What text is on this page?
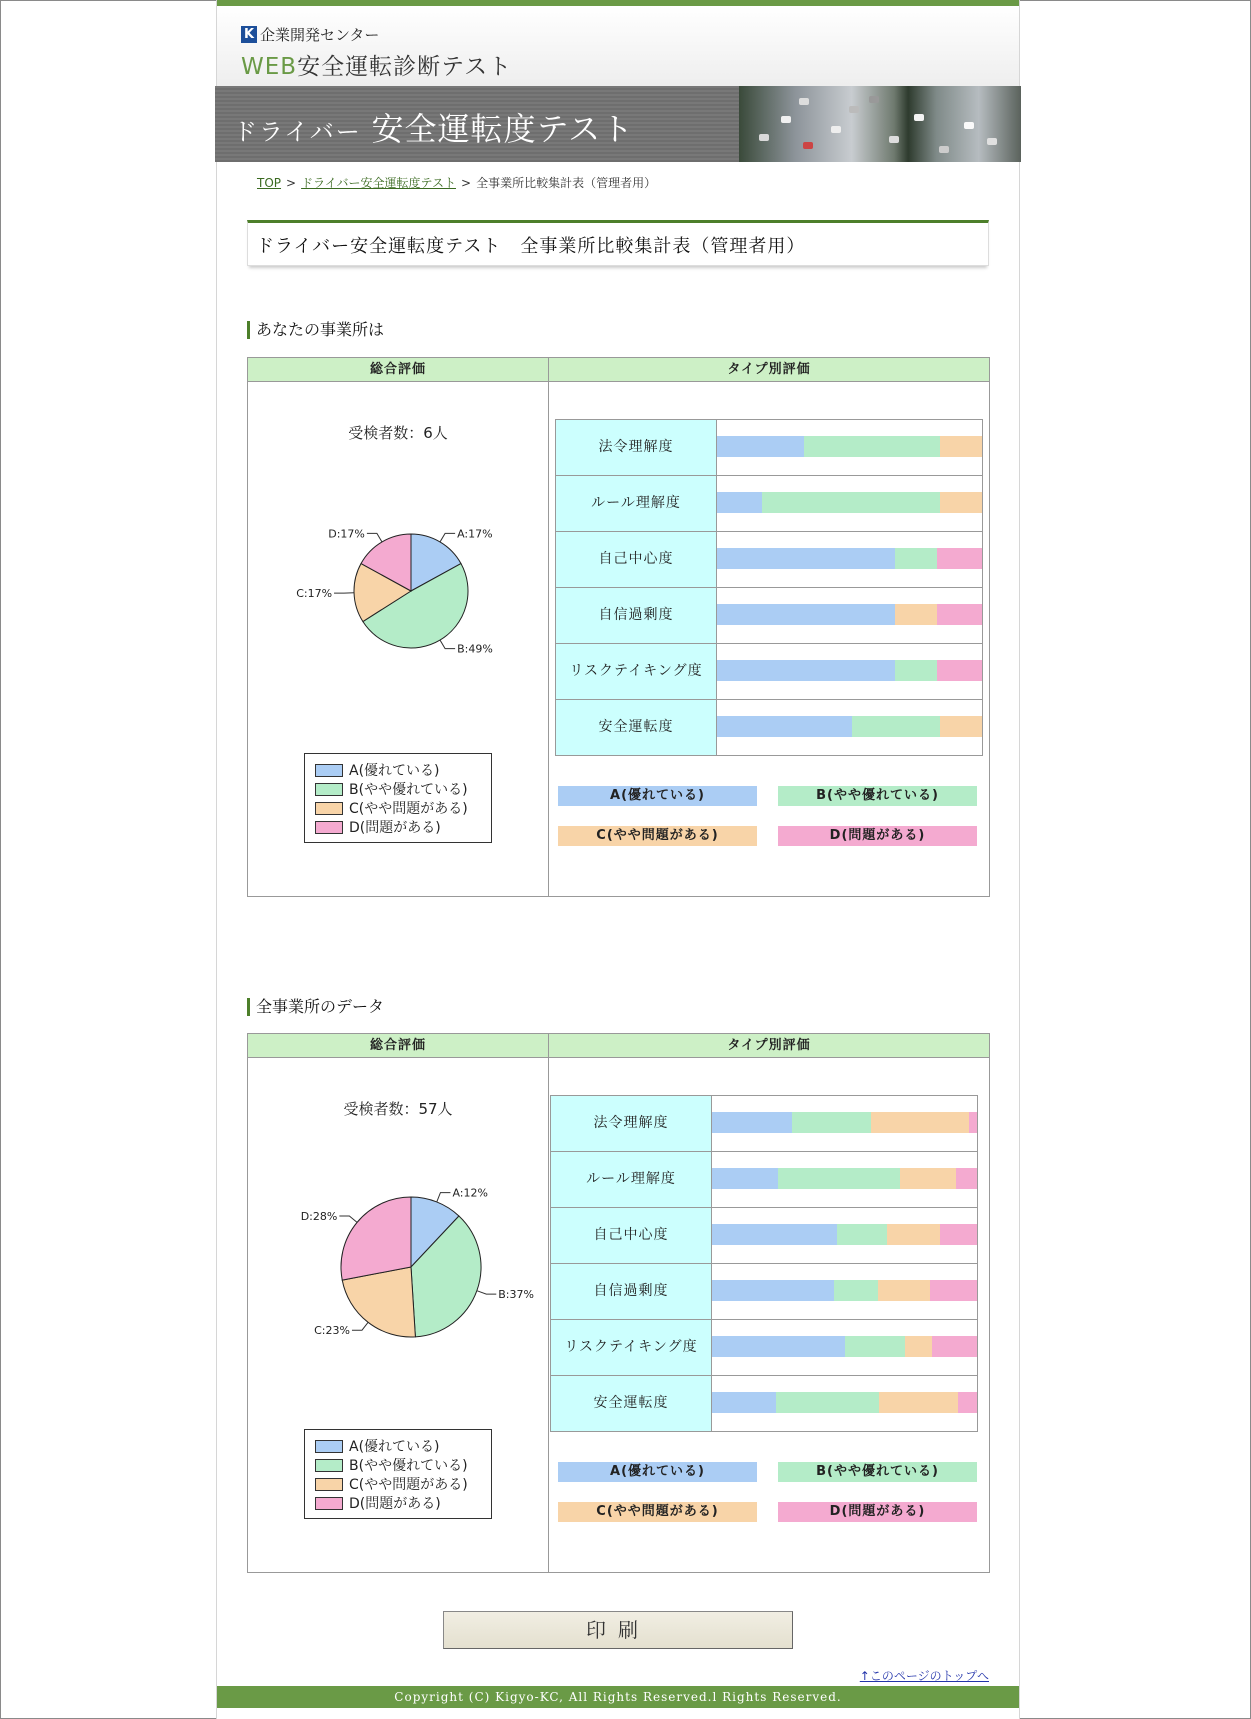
K 企業開発センター
WEB安全運転診断テスト
ドライバー 安全運転度テスト
TOP > ドライバー安全運転度テスト > 全事業所比較集計表（管理者用）
ドライバー安全運転度テスト　全事業所比較集計表（管理者用）
あなたの事業所は
総合評価	タイプ別評価
受検者数：6人
A:17%
B:49%
C:17%
D:17%
A(優れている)
B(やや優れている)
C(やや問題がある)
D(問題がある)
法令理解度
ルール理解度
自己中心度
自信過剰度
リスクテイキング度
安全運転度
A(優れている)	B(やや優れている)
C(やや問題がある)	D(問題がある)
全事業所のデータ
総合評価	タイプ別評価
受検者数：57人
A:12%
B:37%
C:23%
D:28%
A(優れている)
B(やや優れている)
C(やや問題がある)
D(問題がある)
法令理解度
ルール理解度
自己中心度
自信過剰度
リスクテイキング度
安全運転度
A(優れている)	B(やや優れている)
C(やや問題がある)	D(問題がある)
印刷
↑このページのトップへ
Copyright (C) Kigyo-KC, All Rights Reserved.l Rights Reserved.
